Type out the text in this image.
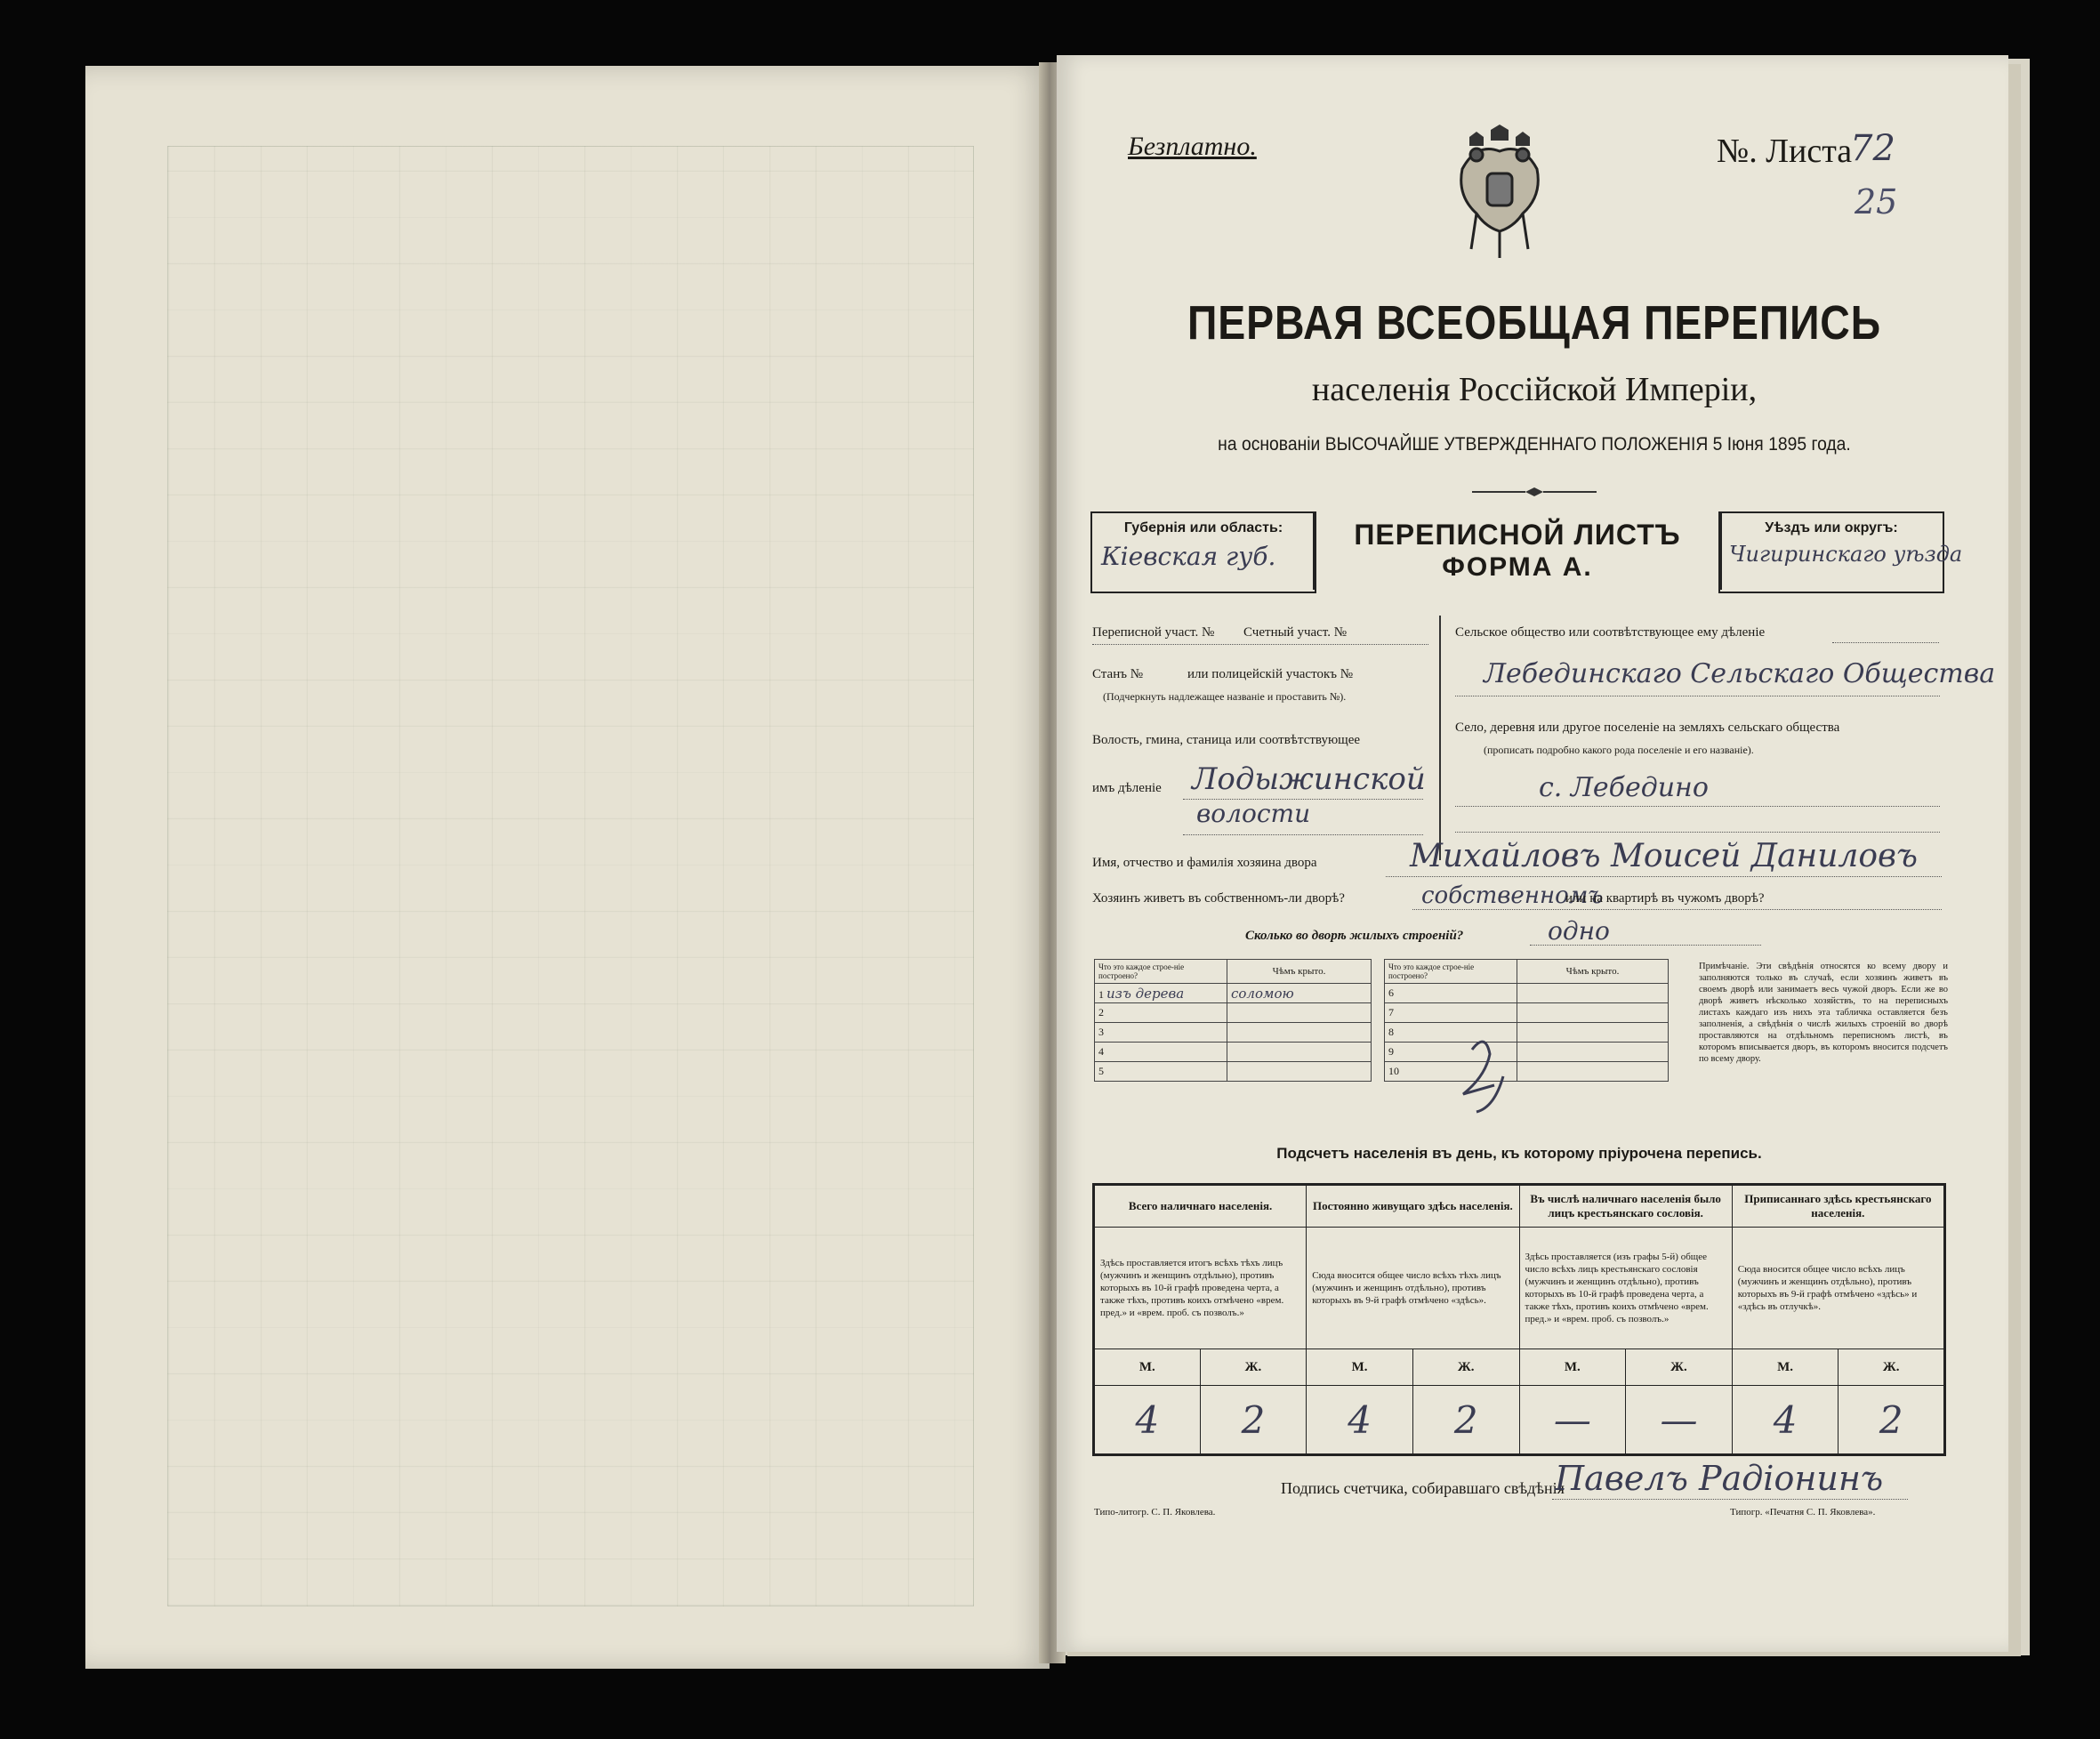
Безплатно.	№. Листа
72
25
ПЕРВАЯ ВСЕОБЩАЯ ПЕРЕПИСЬ
населенія Россійской Имперіи,
на основаніи ВЫСОЧАЙШЕ УТВЕРЖДЕННАГО ПОЛОЖЕНІЯ 5 Іюня 1895 года.
Губернія или область:
Кіевская губ.
ПЕРЕПИСНОЙ ЛИСТЪ
ФОРМА А.
Уѣздъ или округъ:
Чигиринскаго уѣзда
Переписной участ. № Счетный участ. №
Станъ №	или полицейскій участокъ №
(Подчеркнуть надлежащее названіе и проставить №).
Волость, гмина, станица или соотвѣтствующее
имъ дѣленіе Лодыжинской
волости
Сельское общество или соотвѣтствующее ему дѣленіе
Лебединскаго Сельскаго Общества
Село, деревня или другое поселеніе на земляхъ сельскаго общества
(прописать подробно какого рода поселеніе и его названіе).
с. Лебедино
Имя, отчество и фамилія хозяина двора	Михайловъ Моисей Даниловъ
Хозяинъ живетъ въ собственномъ-ли дворѣ?	собственномъ
или на квартирѣ въ чужомъ дворѣ?
Сколько во дворѣ жилыхъ строеній?	одно
Что это каждое строе-ніе построено?	Чѣмъ крыто.
1 изъ дерева	соломою
2	
3	
4	
5	
Что это каждое строе-ніе построено?	Чѣмъ крыто.
6	
7	
8	
9	
10	
Примѣчаніе. Эти свѣдѣнія относятся ко всему двору и заполняются только въ случаѣ, если хозяинъ живетъ въ своемъ дворѣ или занимаетъ весь чужой дворъ. Если же во дворѣ живетъ нѣсколько хозяйствъ, то на переписныхъ листахъ каждаго изъ нихъ эта табличка оставляется безъ заполненія, а свѣдѣнія о числѣ жилыхъ строеній во дворѣ проставляются на отдѣльномъ переписномъ листѣ, въ которомъ вписывается дворъ, въ которомъ вносится подсчетъ по всему двору.
Подсчетъ населенія въ день, къ которому пріурочена перепись.
Всего наличнаго населенія.		Постоянно живущаго здѣсь населенія.		Въ числѣ наличнаго населенія было лицъ крестьянскаго сословія.		Приписаннаго здѣсь крестьянскаго населенія.	
Здѣсь проставляется итогъ всѣхъ тѣхъ лицъ (мужчинъ и женщинъ отдѣльно), противъ которыхъ въ 10-й графѣ проведена черта, а также тѣхъ, противъ коихъ отмѣчено «врем. пред.» и «врем. проб. съ позволъ.»		Сюда вносится общее число всѣхъ тѣхъ лицъ (мужчинъ и женщинъ отдѣльно), противъ которыхъ въ 9-й графѣ отмѣчено «здѣсь».		Здѣсь проставляется (изъ графы 5-й) общее число всѣхъ лицъ крестьянскаго сословія (мужчинъ и женщинъ отдѣльно), противъ которыхъ въ 10-й графѣ проведена черта, а также тѣхъ, противъ коихъ отмѣчено «врем. пред.» и «врем. проб. съ позволъ.»		Сюда вносится общее число всѣхъ лицъ (мужчинъ и женщинъ отдѣльно), противъ которыхъ въ 9-й графѣ отмѣчено «здѣсь» и «здѣсь въ отлучкѣ».	
М.	Ж.	М.	Ж.	М.	Ж.	М.	Ж.
4	2	4	2	—	—	4	2
Подпись счетчика, собиравшаго свѣдѣнія
Павелъ Радіонинъ
Типо-литогр. С. П. Яковлева.	Типогр. «Печатня С. П. Яковлева».
